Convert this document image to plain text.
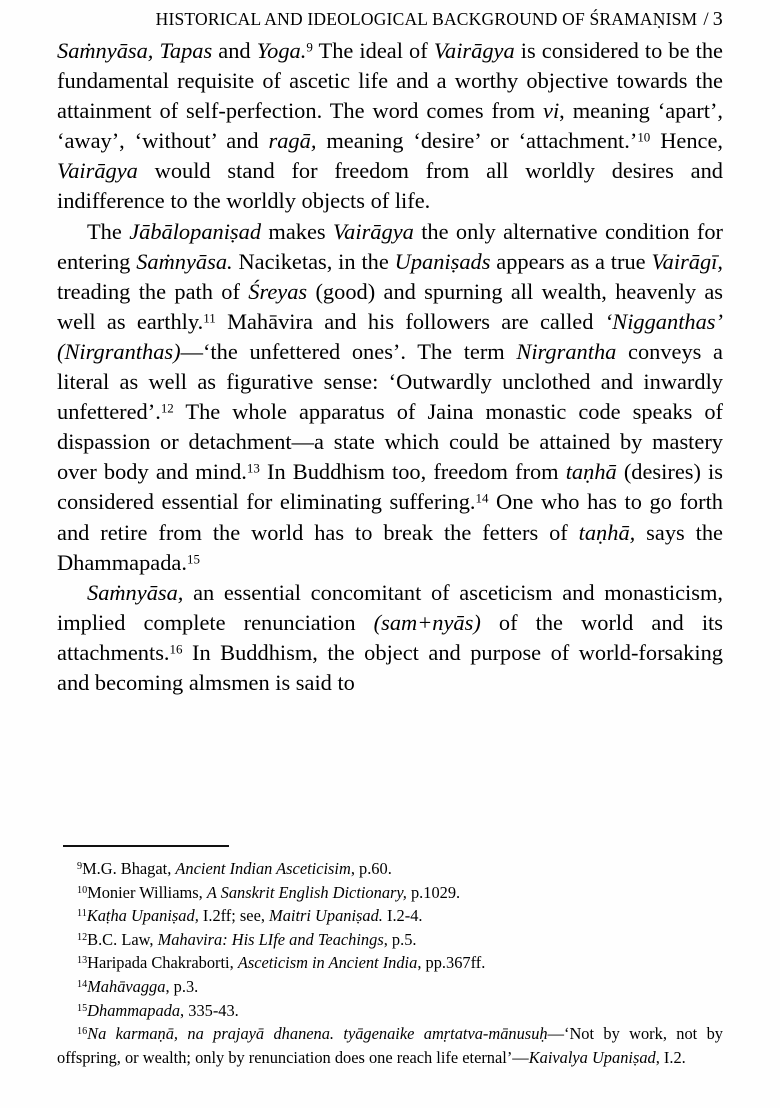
HISTORICAL AND IDEOLOGICAL BACKGROUND OF ŚRAMAṆISM / 3

Saṁnyāsa, Tapas and Yoga.$^9$ The ideal of Vairāgya is considered to be the fundamental requisite of ascetic life and a worthy objective towards the attainment of self-perfection. The word comes from vi, meaning ‘apart’, ‘away’, ‘without’ and ragā, meaning ‘desire’ or ‘attachment.’$^{10}$ Hence, Vairāgya would stand for freedom from all worldly desires and indifference to the worldly objects of life.

The Jābālopaniṣad makes Vairāgya the only alternative condition for entering Saṁnyāsa. Naciketas, in the Upaniṣads appears as a true Vairāgī, treading the path of Śreyas (good) and spurning all wealth, heavenly as well as earthly.$^{11}$ Mahāvira and his followers are called ‘Nigganthas’ (Nirgranthas)—‘the unfettered ones’. The term Nirgrantha conveys a literal as well as figurative sense: ‘Outwardly unclothed and inwardly unfettered’.$^{12}$ The whole apparatus of Jaina monastic code speaks of dispassion or detachment—a state which could be attained by mastery over body and mind.$^{13}$ In Buddhism too, freedom from taṇhā (desires) is considered essential for eliminating suffering.$^{14}$ One who has to go forth and retire from the world has to break the fetters of taṇhā, says the Dhammapada.$^{15}$

Saṁnyāsa, an essential concomitant of asceticism and monasticism, implied complete renunciation (sam+nyās) of the world and its attachments.$^{16}$ In Buddhism, the object and purpose of world-forsaking and becoming almsmen is said to

$^9$M.G. Bhagat, Ancient Indian Asceticisim, p.60.

$^{10}$Monier Williams, A Sanskrit English Dictionary, p.1029.

$^{11}$Kaṭha Upaniṣad, I.2ff; see, Maitri Upaniṣad. I.2-4.

$^{12}$B.C. Law, Mahavira: His LIfe and Teachings, p.5.

$^{13}$Haripada Chakraborti, Asceticism in Ancient India, pp.367ff.

$^{14}$Mahāvagga, p.3.

$^{15}$Dhammapada, 335-43.

$^{16}$Na karmaṇā, na prajayā dhanena. tyāgenaike amṛtatva-mānusuḥ—‘Not by work, not by offspring, or wealth; only by renunciation does one reach life eternal’—Kaivalya Upaniṣad, I.2.
